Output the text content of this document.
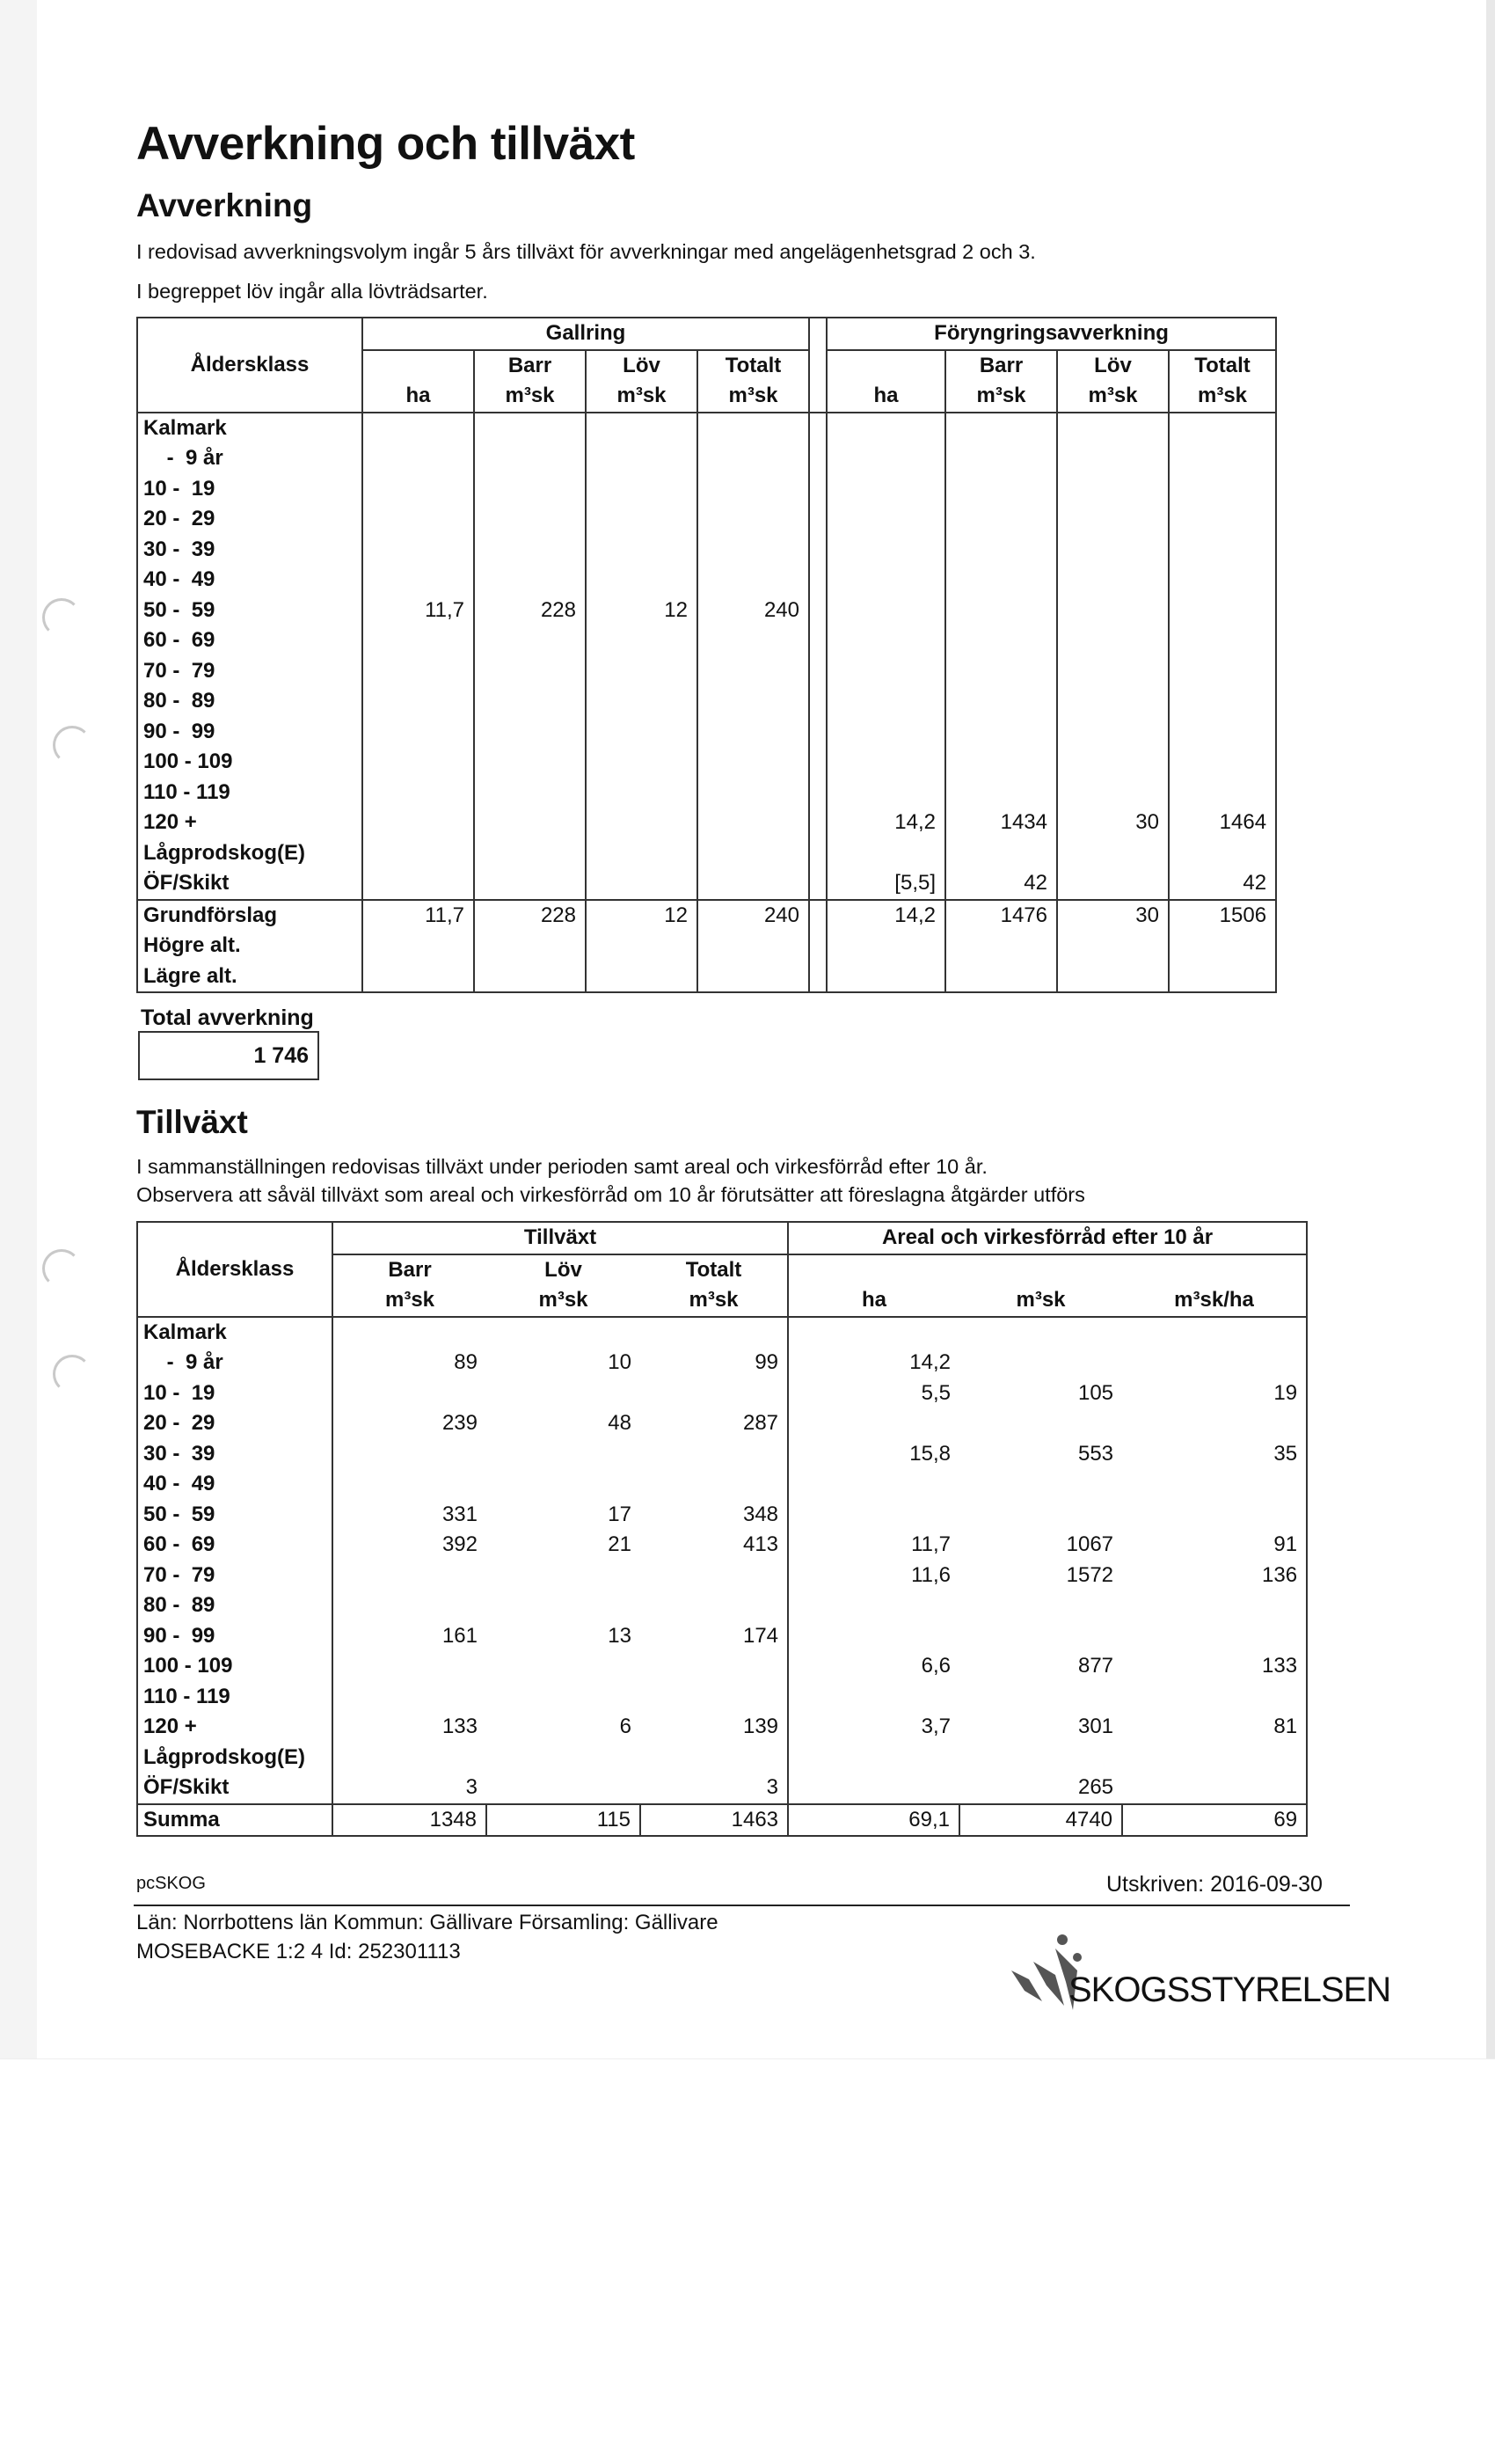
Avverkning och tillväxt
Avverkning
I redovisad avverkningsvolym ingår 5 års tillväxt för avverkningar med angelägenhetsgrad 2 och 3.
I begreppet löv ingår alla lövträdsarter.
	Gallring					Föryngringsavverkning			
Åldersklass		Barr	Löv	Totalt			Barr	Löv	Totalt
	ha	m³sk	m³sk	m³sk		ha	m³sk	m³sk	m³sk
Kalmark									
-  9 år									
10 -  19									
20 -  29									
30 -  39									
40 -  49									
50 -  59	11,7	228	12	240					
60 -  69									
70 -  79									
80 -  89									
90 -  99									
100 - 109									
110 - 119									
120 +						14,2	1434	30	1464
Lågprodskog(E)									
ÖF/Skikt						[5,5]	42		42
Grundförslag	11,7	228	12	240		14,2	1476	30	1506
Högre alt.									
Lägre alt.									
Total avverkning
1 746
Tillväxt
I sammanställningen redovisas tillväxt under perioden samt areal och virkesförråd efter 10 år.
Observera att såväl tillväxt som areal och virkesförråd om 10 år förutsätter att föreslagna åtgärder utförs
	Tillväxt			Areal och virkesförråd efter 10 år		
Åldersklass	Barr	Löv	Totalt			
	m³sk	m³sk	m³sk	ha	m³sk	m³sk/ha
Kalmark						
-  9 år	89	10	99	14,2		
10 -  19				5,5	105	19
20 -  29	239	48	287			
30 -  39				15,8	553	35
40 -  49						
50 -  59	331	17	348			
60 -  69	392	21	413	11,7	1067	91
70 -  79				11,6	1572	136
80 -  89						
90 -  99	161	13	174			
100 - 109				6,6	877	133
110 - 119						
120 +	133	6	139	3,7	301	81
Lågprodskog(E)						
ÖF/Skikt	3		3		265	
Summa	1348	115	1463	69,1	4740	69
pcSKOG	Utskriven: 2016-09-30
Län: Norrbottens län Kommun: Gällivare Församling: Gällivare
MOSEBACKE 1:2 4 Id: 252301113
SKOGSSTYRELSEN
